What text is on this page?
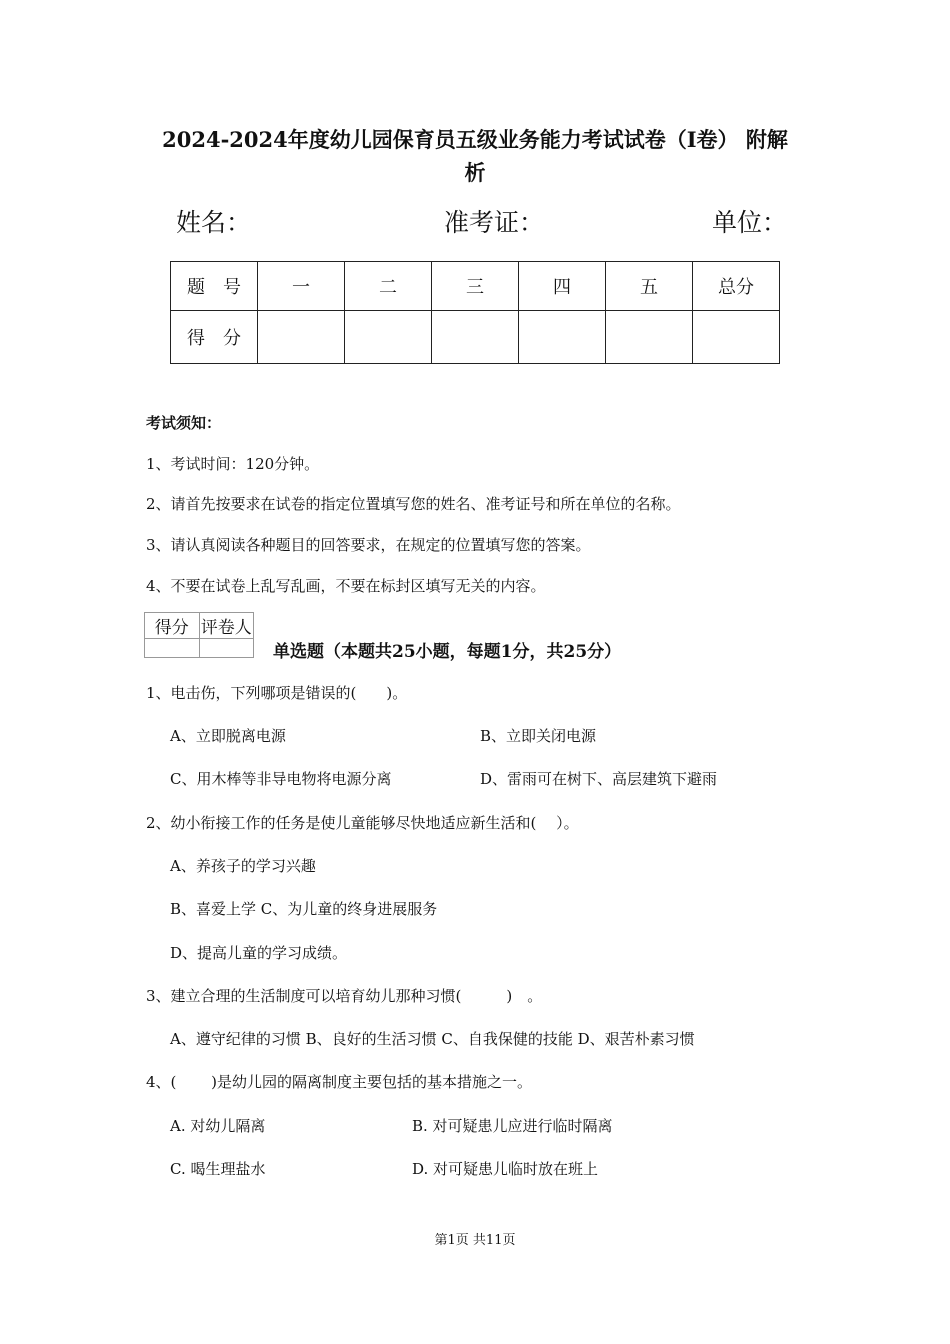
2024-2024年度幼儿园保育员五级业务能力考试试卷（I卷） 附解
析
姓名：	准考证：	单位：
题　号	一	二	三	四	五	总分
得　分						
考试须知：
1、考试时间：120分钟。
2、请首先按要求在试卷的指定位置填写您的姓名、准考证号和所在单位的名称。
3、请认真阅读各种题目的回答要求，在规定的位置填写您的答案。
4、不要在试卷上乱写乱画，不要在标封区填写无关的内容。
得分	评卷人

单选题（本题共25小题，每题1分，共25分）
1、电击伤，下列哪项是错误的(　　)。
A、立即脱离电源	B、立即关闭电源
C、用木棒等非导电物将电源分离	D、雷雨可在树下、高层建筑下避雨
2、幼小衔接工作的任务是使儿童能够尽快地适应新生活和(　 ）。
A、养孩子的学习兴趣
B、喜爱上学 C、为儿童的终身进展服务
D、提高儿童的学习成绩。
3、建立合理的生活制度可以培育幼儿那种习惯(　　　)　。
A、遵守纪律的习惯 B、良好的生活习惯 C、自我保健的技能 D、艰苦朴素习惯
4、(　　 )是幼儿园的隔离制度主要包括的基本措施之一。
A. 对幼儿隔离	B. 对可疑患儿应进行临时隔离
C. 喝生理盐水	D. 对可疑患儿临时放在班上
第1页 共11页
